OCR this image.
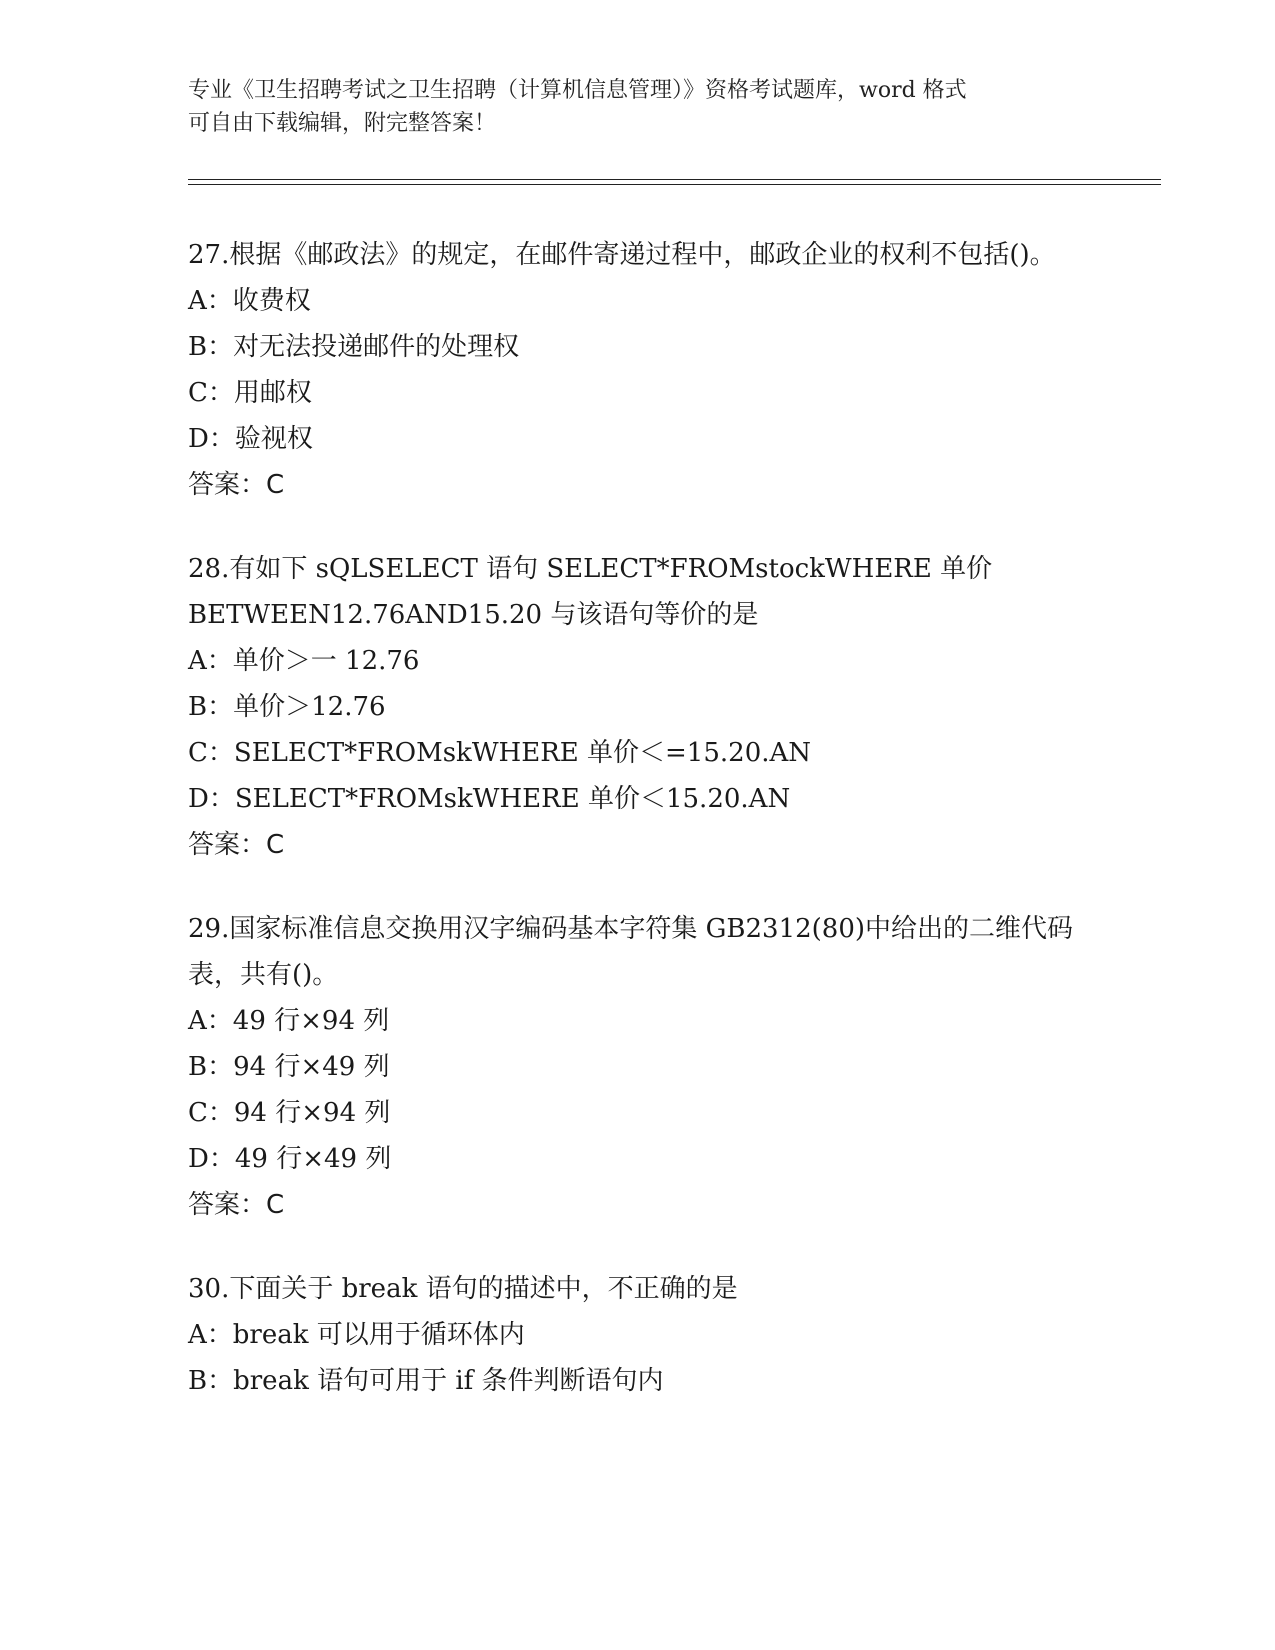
专业《卫生招聘考试之卫生招聘（计算机信息管理）》资格考试题库，word 格式
可自由下载编辑，附完整答案！

27.根据《邮政法》的规定，在邮件寄递过程中，邮政企业的权利不包括()。

A：收费权

B：对无法投递邮件的处理权

C：用邮权

D：验视权

答案：C

28.有如下 sQLSELECT 语句 SELECT*FROMstockWHERE 单价 BETWEEN12.76AND15.20 与该语句等价的是

A：单价＞一 12.76

B：单价＞12.76

C：SELECT*FROMskWHERE 单价＜=15.20.AN

D：SELECT*FROMskWHERE 单价＜15.20.AN

答案：C

29.国家标准信息交换用汉字编码基本字符集 GB2312(80)中给出的二维代码表，共有()。

A：49 行×94 列

B：94 行×49 列

C：94 行×94 列

D：49 行×49 列

答案：C

30.下面关于 break 语句的描述中，不正确的是

A：break 可以用于循环体内

B：break 语句可用于 if 条件判断语句内
